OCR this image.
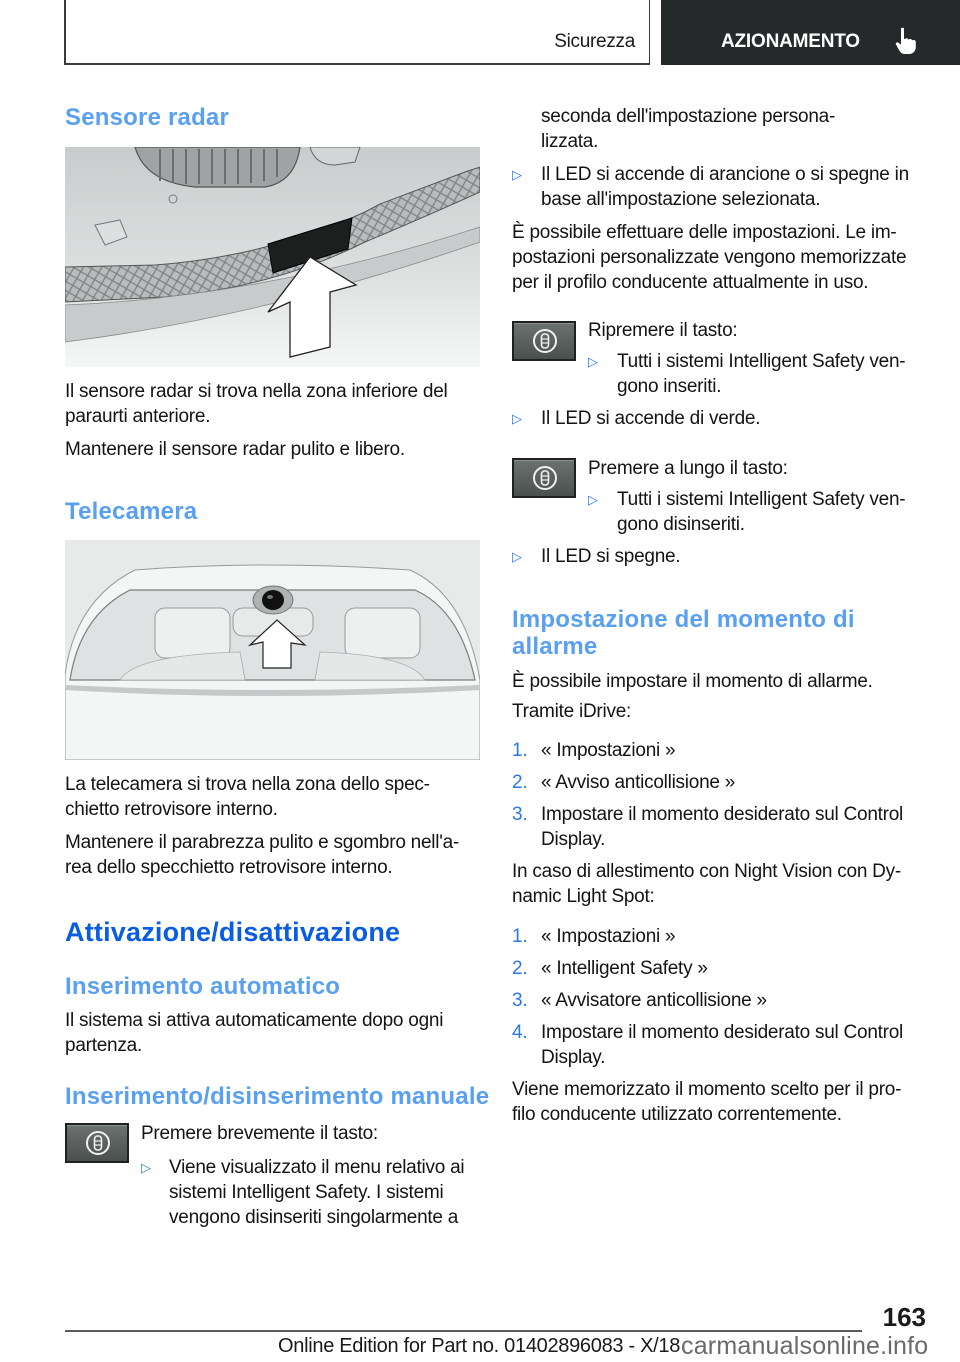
Sicurezza	AZIONAMENTO
Sensore radar
Il sensore radar si trova nella zona inferiore del
paraurti anteriore.
Mantenere il sensore radar pulito e libero.
Telecamera
La telecamera si trova nella zona dello spec-
chietto retrovisore interno.
Mantenere il parabrezza pulito e sgombro nell'a-
rea dello specchietto retrovisore interno.
Attivazione/disattivazione
Inserimento automatico
Il sistema si attiva automaticamente dopo ogni
partenza.
Inserimento/disinserimento manuale
Premere brevemente il tasto:
▷ Viene visualizzato il menu relativo ai
sistemi Intelligent Safety. I sistemi
vengono disinseriti singolarmente a
seconda dell'impostazione persona-
lizzata.
▷ Il LED si accende di arancione o si spegne in
base all'impostazione selezionata.
È possibile effettuare delle impostazioni. Le im-
postazioni personalizzate vengono memorizzate
per il profilo conducente attualmente in uso.
Ripremere il tasto:
▷ Tutti i sistemi Intelligent Safety ven-
gono inseriti.
▷ Il LED si accende di verde.
Premere a lungo il tasto:
▷ Tutti i sistemi Intelligent Safety ven-
gono disinseriti.
▷ Il LED si spegne.
Impostazione del momento di
allarme
È possibile impostare il momento di allarme.
Tramite iDrive:
1. « Impostazioni »
2. « Avviso anticollisione »
3. Impostare il momento desiderato sul Control
Display.
In caso di allestimento con Night Vision con Dy-
namic Light Spot:
1. « Impostazioni »
2. « Intelligent Safety »
3. « Avvisatore anticollisione »
4. Impostare il momento desiderato sul Control
Display.
Viene memorizzato il momento scelto per il pro-
filo conducente utilizzato correntemente.
163
Online Edition for Part no. 01402896083 - X/18 carmanualsonline.info
